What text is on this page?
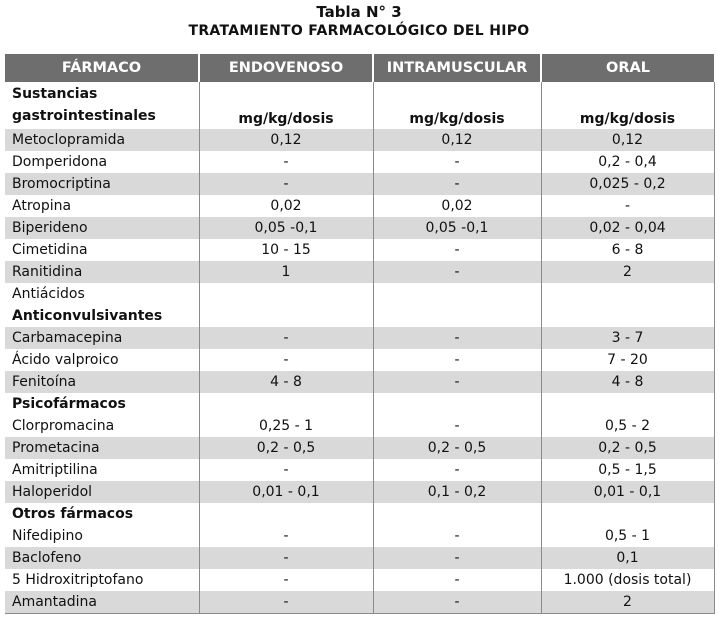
Tabla N° 3
TRATAMIENTO FARMACOLÓGICO DEL HIPO
FÁRMACO	ENDOVENOSO	INTRAMUSCULAR	ORAL
Sustancias gastrointestinales	mg/kg/dosis	mg/kg/dosis	mg/kg/dosis
Metoclopramida	0,12	0,12	0,12
Domperidona	-	-	0,2 - 0,4
Bromocriptina	-	-	0,025 - 0,2
Atropina	0,02	0,02	-
Biperideno	0,05 -0,1	0,05 -0,1	0,02 - 0,04
Cimetidina	10 - 15	-	6 - 8
Ranitidina	1	-	2
Antiácidos			
Anticonvulsivantes			
Carbamacepina	-	-	3 - 7
Ácido valproico	-	-	7 - 20
Fenitoína	4 - 8	-	4 - 8
Psicofármacos			
Clorpromacina	0,25 - 1	-	0,5 - 2
Prometacina	0,2 - 0,5	0,2 - 0,5	0,2 - 0,5
Amitriptilina	-	-	0,5 - 1,5
Haloperidol	0,01 - 0,1	0,1 - 0,2	0,01 - 0,1
Otros fármacos			
Nifedipino	-	-	0,5 - 1
Baclofeno	-	-	0,1
5 Hidroxitriptofano	-	-	1.000 (dosis total)
Amantadina	-	-	2
